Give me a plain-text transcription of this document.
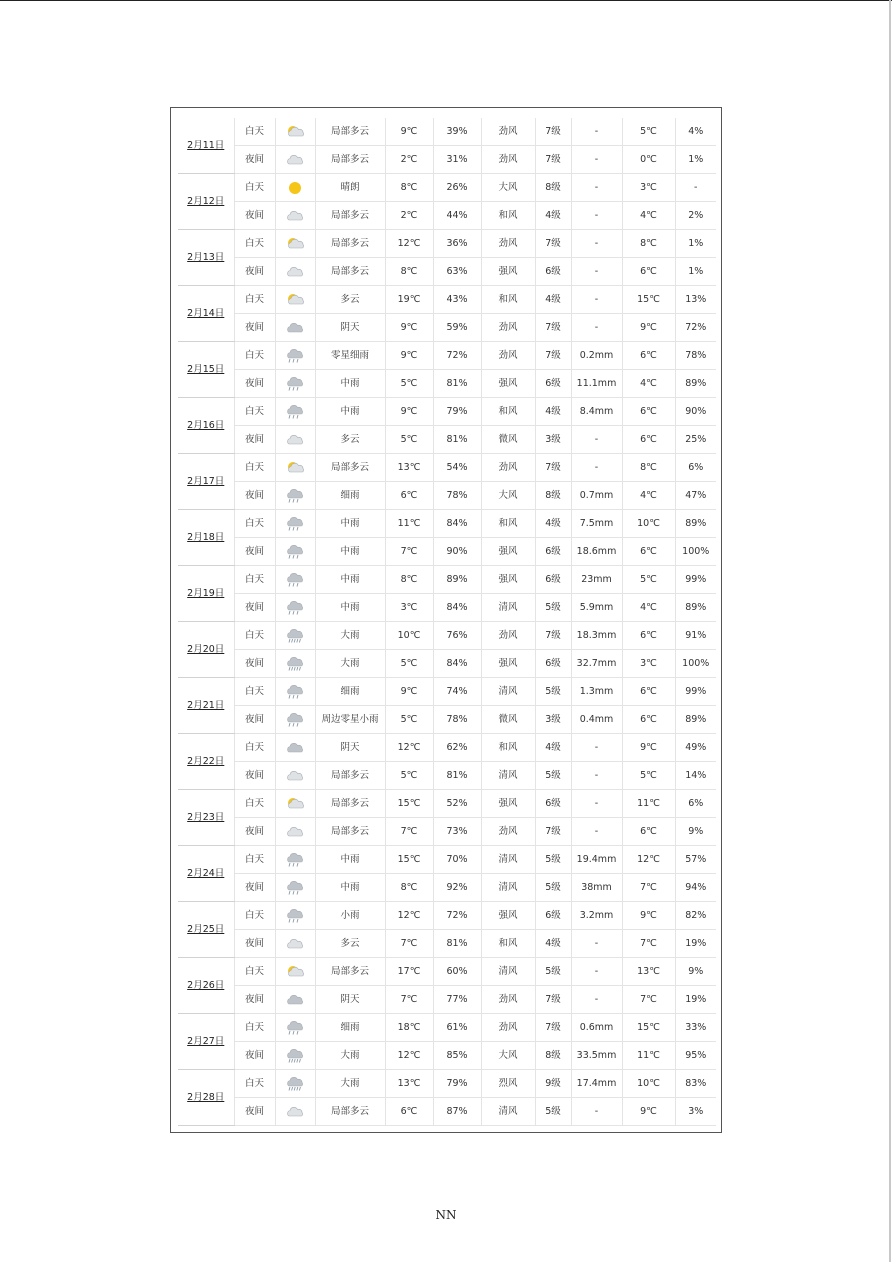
2月11日	白天		局部多云	9℃	39%	劲风	7级	-	5℃	4%
	夜间		局部多云	2℃	31%	劲风	7级	-	0℃	1%
2月12日	白天		晴朗	8℃	26%	大风	8级	-	3℃	-
	夜间		局部多云	2℃	44%	和风	4级	-	4℃	2%
2月13日	白天		局部多云	12℃	36%	劲风	7级	-	8℃	1%
	夜间		局部多云	8℃	63%	强风	6级	-	6℃	1%
2月14日	白天		多云	19℃	43%	和风	4级	-	15℃	13%
	夜间		阴天	9℃	59%	劲风	7级	-	9℃	72%
2月15日	白天		零星细雨	9℃	72%	劲风	7级	0.2mm	6℃	78%
	夜间		中雨	5℃	81%	强风	6级	11.1mm	4℃	89%
2月16日	白天		中雨	9℃	79%	和风	4级	8.4mm	6℃	90%
	夜间		多云	5℃	81%	微风	3级	-	6℃	25%
2月17日	白天		局部多云	13℃	54%	劲风	7级	-	8℃	6%
	夜间		细雨	6℃	78%	大风	8级	0.7mm	4℃	47%
2月18日	白天		中雨	11℃	84%	和风	4级	7.5mm	10℃	89%
	夜间		中雨	7℃	90%	强风	6级	18.6mm	6℃	100%
2月19日	白天		中雨	8℃	89%	强风	6级	23mm	5℃	99%
	夜间		中雨	3℃	84%	清风	5级	5.9mm	4℃	89%
2月20日	白天		大雨	10℃	76%	劲风	7级	18.3mm	6℃	91%
	夜间		大雨	5℃	84%	强风	6级	32.7mm	3℃	100%
2月21日	白天		细雨	9℃	74%	清风	5级	1.3mm	6℃	99%
	夜间		周边零星小雨	5℃	78%	微风	3级	0.4mm	6℃	89%
2月22日	白天		阴天	12℃	62%	和风	4级	-	9℃	49%
	夜间		局部多云	5℃	81%	清风	5级	-	5℃	14%
2月23日	白天		局部多云	15℃	52%	强风	6级	-	11℃	6%
	夜间		局部多云	7℃	73%	劲风	7级	-	6℃	9%
2月24日	白天		中雨	15℃	70%	清风	5级	19.4mm	12℃	57%
	夜间		中雨	8℃	92%	清风	5级	38mm	7℃	94%
2月25日	白天		小雨	12℃	72%	强风	6级	3.2mm	9℃	82%
	夜间		多云	7℃	81%	和风	4级	-	7℃	19%
2月26日	白天		局部多云	17℃	60%	清风	5级	-	13℃	9%
	夜间		阴天	7℃	77%	劲风	7级	-	7℃	19%
2月27日	白天		细雨	18℃	61%	劲风	7级	0.6mm	15℃	33%
	夜间		大雨	12℃	85%	大风	8级	33.5mm	11℃	95%
2月28日	白天		大雨	13℃	79%	烈风	9级	17.4mm	10℃	83%
	夜间		局部多云	6℃	87%	清风	5级	-	9℃	3%
NN
